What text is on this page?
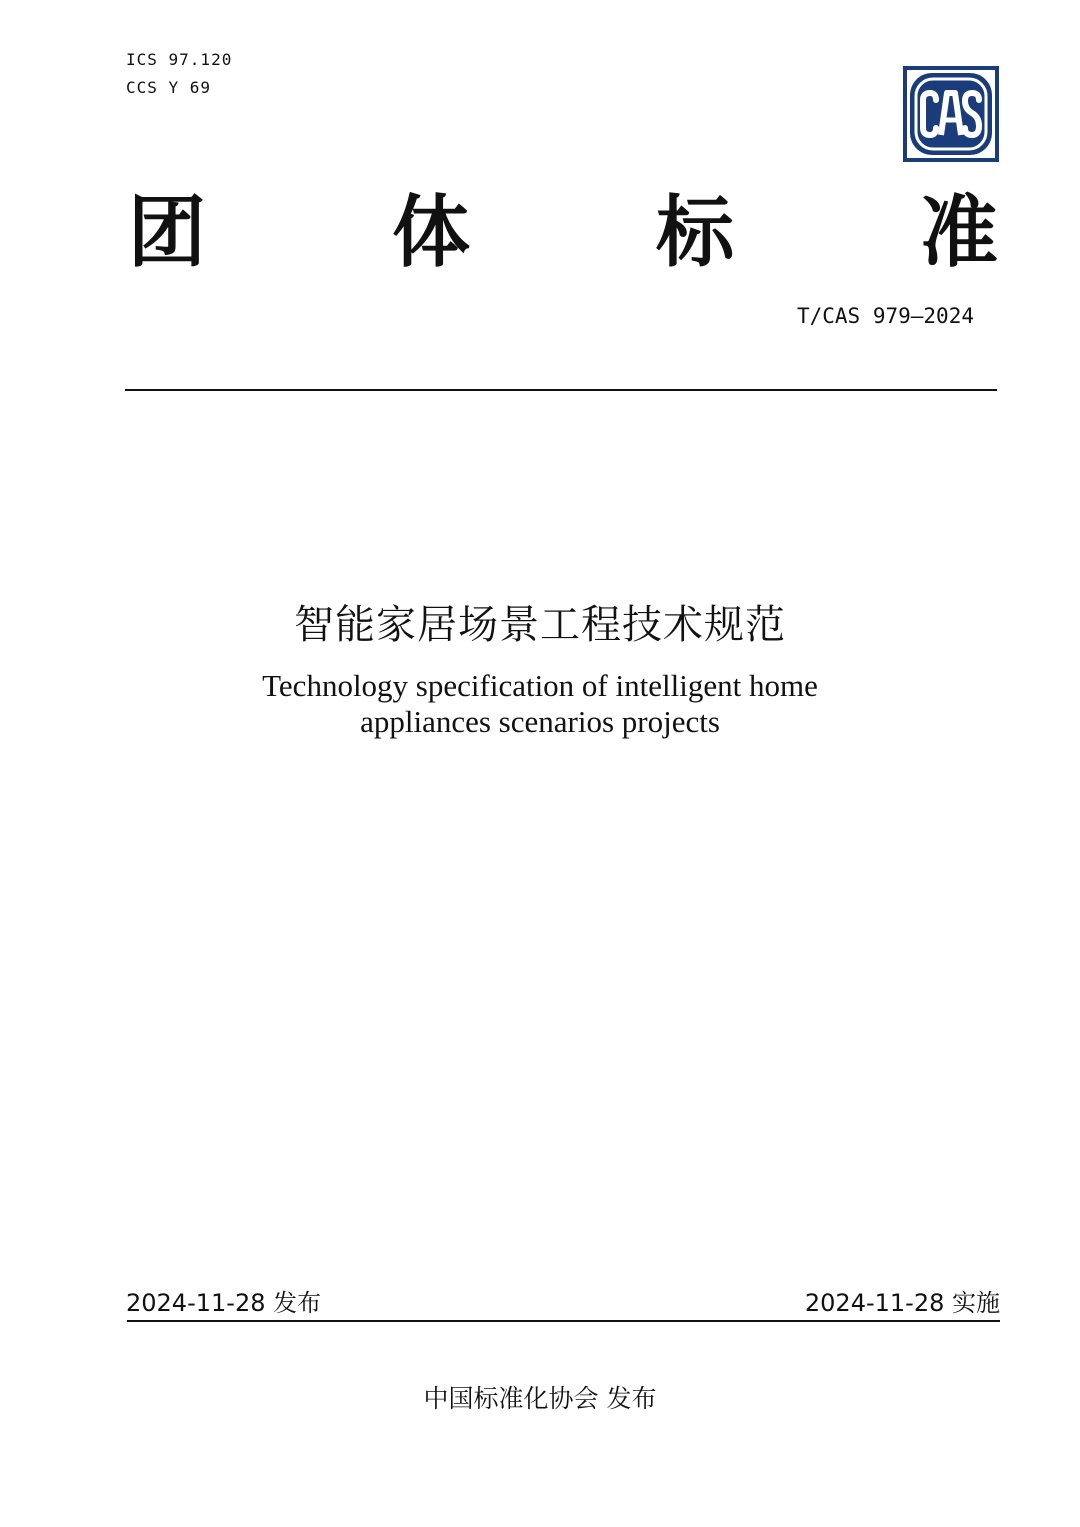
ICS 97.120
CCS Y 69
团 体 标 准
T/CAS 979—2024
智能家居场景工程技术规范
Technology specification of intelligent home
appliances scenarios projects
2024-11-28 发布	2024-11-28 实施
中国标准化协会 发布
